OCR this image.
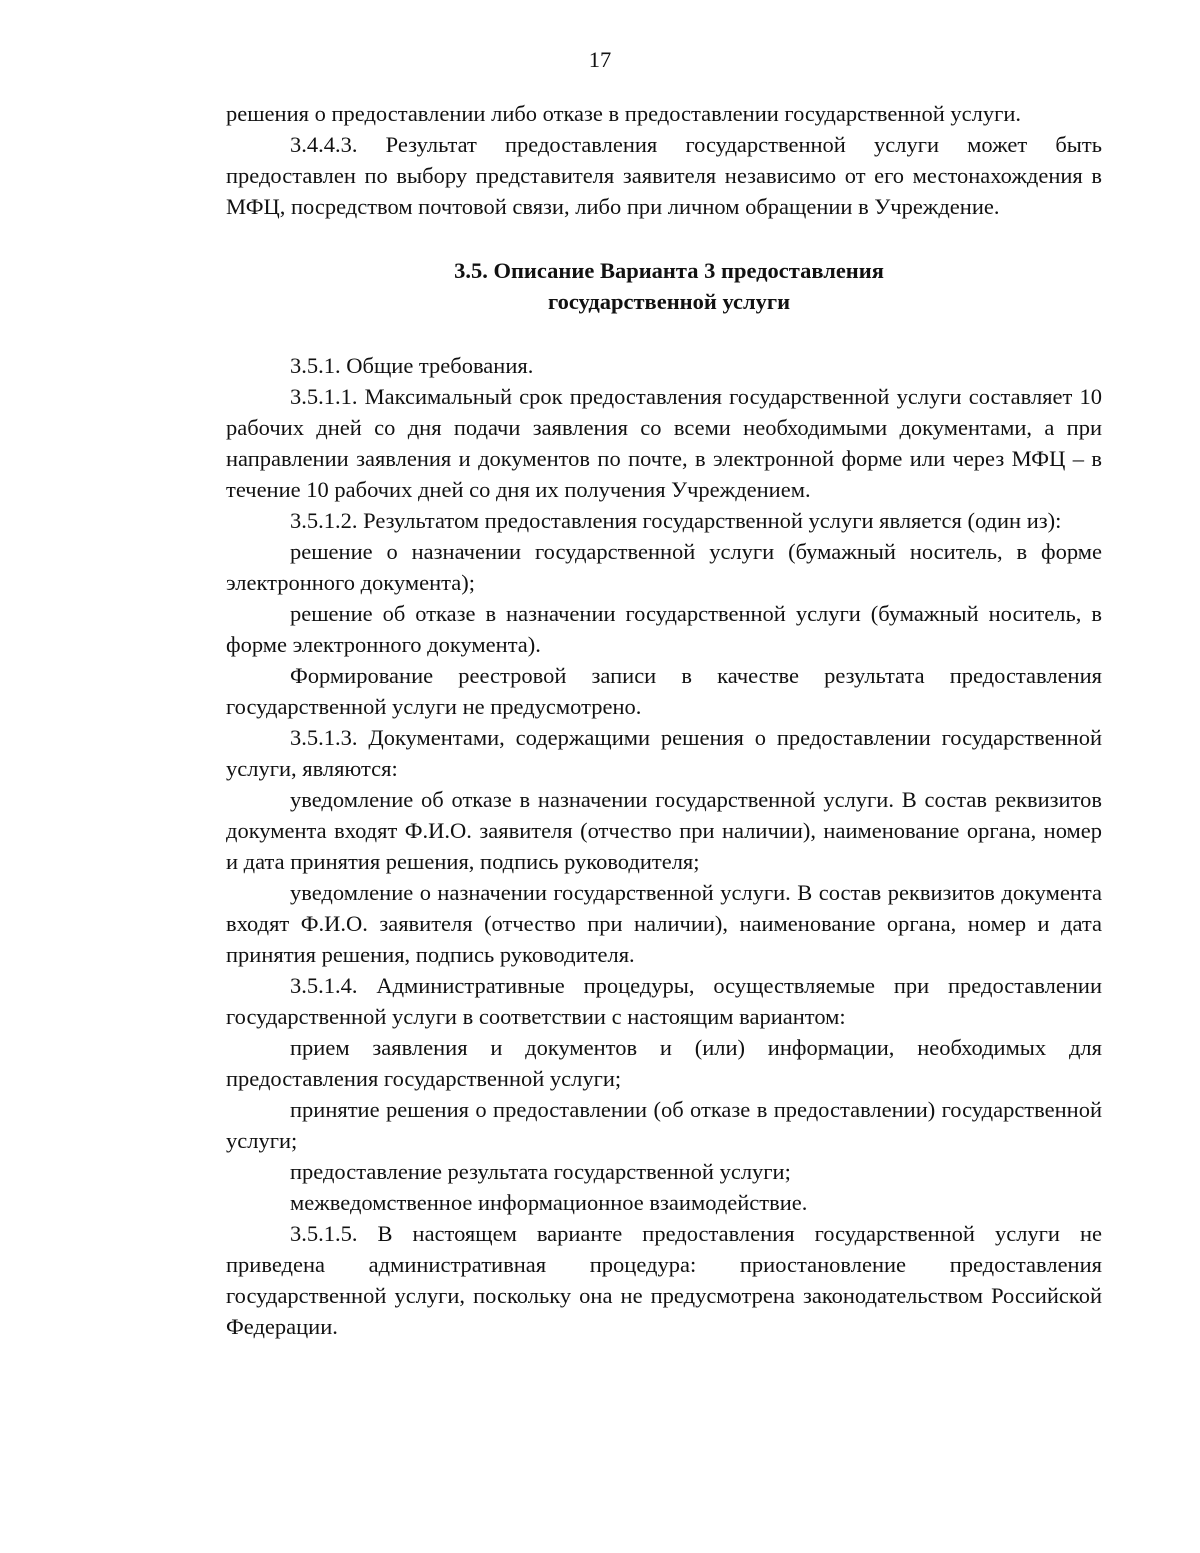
17

решения о предоставлении либо отказе в предоставлении государственной услуги.

3.4.4.3. Результат предоставления государственной услуги может быть предоставлен по выбору представителя заявителя независимо от его местонахождения в МФЦ, посредством почтовой связи, либо при личном обращении в Учреждение.

3.5. Описание Варианта 3 предоставления
государственной услуги

3.5.1. Общие требования.

3.5.1.1. Максимальный срок предоставления государственной услуги составляет 10 рабочих дней со дня подачи заявления со всеми необходимыми документами, а при направлении заявления и документов по почте, в электронной форме или через МФЦ – в течение 10 рабочих дней со дня их получения Учреждением.

3.5.1.2. Результатом предоставления государственной услуги является (один из):

решение о назначении государственной услуги (бумажный носитель, в форме электронного документа);

решение об отказе в назначении государственной услуги (бумажный носитель, в форме электронного документа).

Формирование реестровой записи в качестве результата предоставления государственной услуги не предусмотрено.

3.5.1.3. Документами, содержащими решения о предоставлении государственной услуги, являются:

уведомление об отказе в назначении государственной услуги. В состав реквизитов документа входят Ф.И.О. заявителя (отчество при наличии), наименование органа, номер и дата принятия решения, подпись руководителя;

уведомление о назначении государственной услуги. В состав реквизитов документа входят Ф.И.О. заявителя (отчество при наличии), наименование органа, номер и дата принятия решения, подпись руководителя.

3.5.1.4. Административные процедуры, осуществляемые при предоставлении государственной услуги в соответствии с настоящим вариантом:

прием заявления и документов и (или) информации, необходимых для предоставления государственной услуги;

принятие решения о предоставлении (об отказе в предоставлении) государственной услуги;

предоставление результата государственной услуги;

межведомственное информационное взаимодействие.

3.5.1.5. В настоящем варианте предоставления государственной услуги не приведена административная процедура: приостановление предоставления государственной услуги, поскольку она не предусмотрена законодательством Российской Федерации.
